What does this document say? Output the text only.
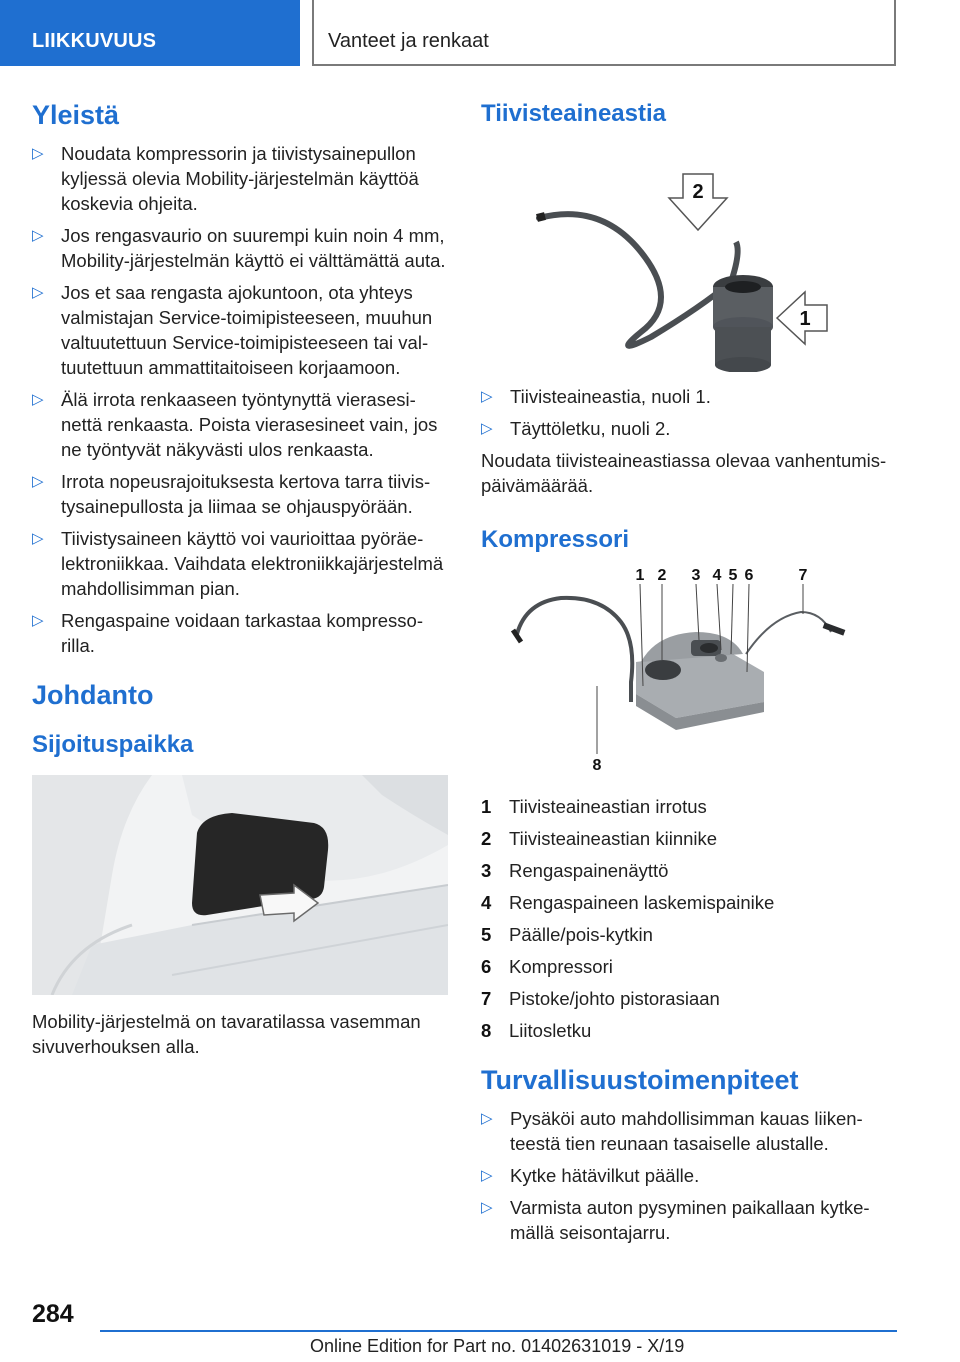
LIIKKUVUUS	Vanteet ja renkaat
Yleistä
▷ Noudata kompressorin ja tiivistysainepullon kyljessä olevia Mobility-järjestelmän käyttöä koskevia ohjeita.
▷ Jos rengasvaurio on suurempi kuin noin 4 mm, Mobility-järjestelmän käyttö ei välttämättä auta.
▷ Jos et saa rengasta ajokuntoon, ota yhteys valmistajan Service-toimipisteeseen, muuhun valtuutettuun Service-toimipisteeseen tai valtuutettuun ammattitaitoiseen korjaamoon.
▷ Älä irrota renkaaseen työntynyttä vierasesinettä renkaasta. Poista vierasesineet vain, jos ne työntyvät näkyvästi ulos renkaasta.
▷ Irrota nopeusrajoituksesta kertova tarra tiivistysainepullosta ja liimaa se ohjauspyörään.
▷ Tiivistysaineen käyttö voi vaurioittaa pyöräelektroniikkaa. Vaihdata elektroniikkajärjestelmä mahdollisimman pian.
▷ Rengaspaine voidaan tarkastaa kompressorilla.
Johdanto
Sijoituspaikka

Mobility-järjestelmä on tavaratilassa vasemman sivuverhouksen alla.

Tiivisteaineastia
2
1
▷ Tiivisteaineastia, nuoli 1.
▷ Täyttöletku, nuoli 2.

Noudata tiivisteaineastiassa olevaa vanhentumispäivämäärää.

Kompressori
1 2 3 4 5 6	7
8
1 Tiivisteaineastian irrotus
2 Tiivisteaineastian kiinnike
3 Rengaspainenäyttö
4 Rengaspaineen laskemispainike
5 Päälle/pois-kytkin
6 Kompressori
7 Pistoke/johto pistorasiaan
8 Liitosletku
Turvallisuustoimenpiteet
▷ Pysäköi auto mahdollisimman kauas liikenteestä tien reunaan tasaiselle alustalle.
▷ Kytke hätävilkut päälle.
▷ Varmista auton pysyminen paikallaan kytkemällä seisontajarru.
284
Online Edition for Part no. 01402631019 - X/19
